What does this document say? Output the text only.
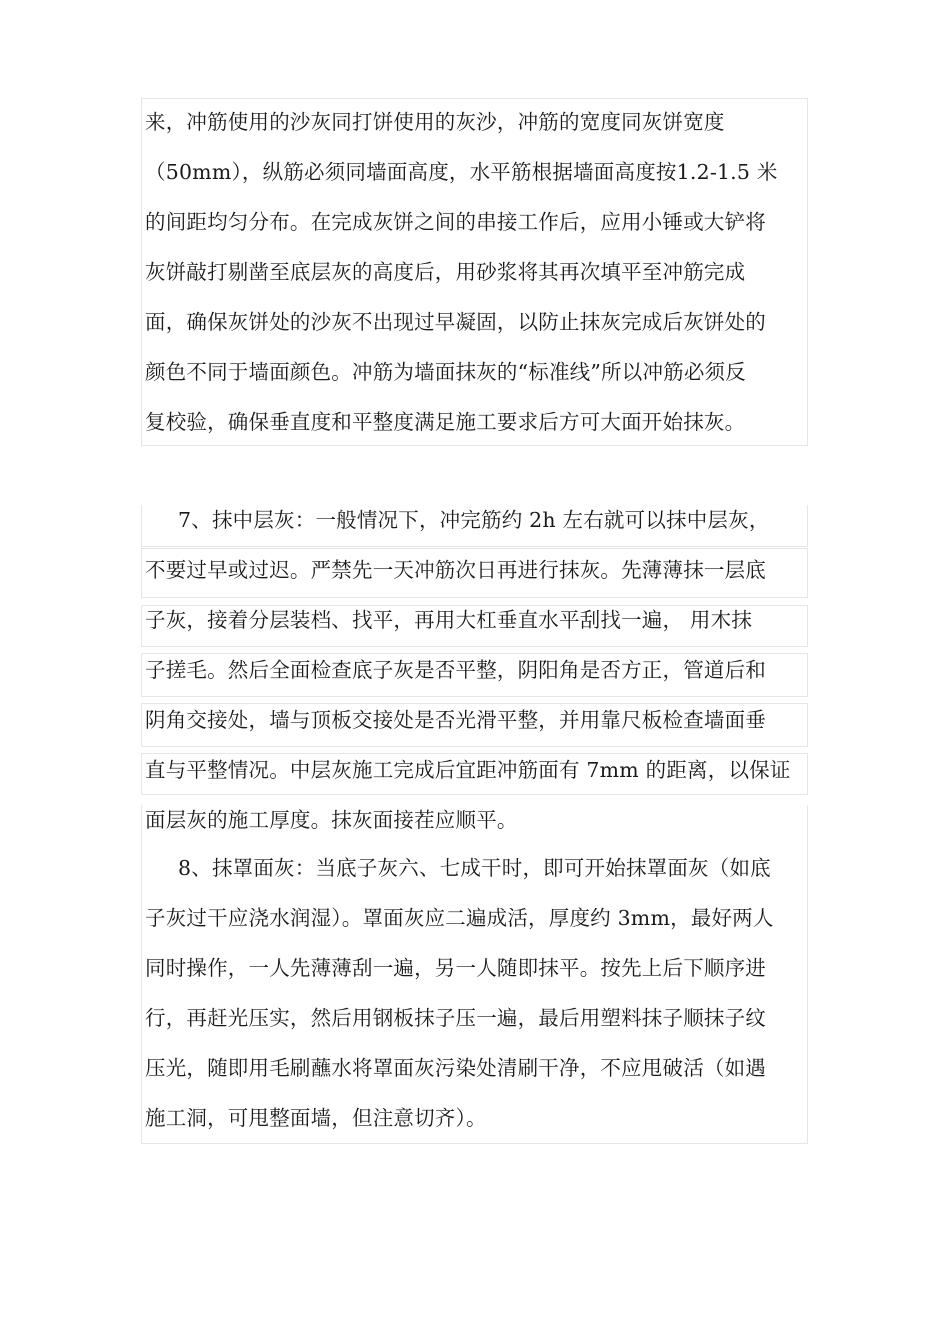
来，冲筋使用的沙灰同打饼使用的灰沙，冲筋的宽度同灰饼宽度
（50mm），纵筋必须同墙面高度，水平筋根据墙面高度按1.2-1.5 米
的间距均匀分布。在完成灰饼之间的串接工作后，应用小锤或大铲将
灰饼敲打剔凿至底层灰的高度后，用砂浆将其再次填平至冲筋完成
面，确保灰饼处的沙灰不出现过早凝固，以防止抹灰完成后灰饼处的
颜色不同于墙面颜色。冲筋为墙面抹灰的“标准线”所以冲筋必须反
复校验，确保垂直度和平整度满足施工要求后方可大面开始抹灰。
7、抹中层灰：一般情况下，冲完筋约 2h 左右就可以抹中层灰，
不要过早或过迟。严禁先一天冲筋次日再进行抹灰。先薄薄抹一层底
子灰，接着分层装档、找平，再用大杠垂直水平刮找一遍， 用木抹
子搓毛。然后全面检查底子灰是否平整，阴阳角是否方正，管道后和
阴角交接处，墙与顶板交接处是否光滑平整，并用靠尺板检查墙面垂
直与平整情况。中层灰施工完成后宜距冲筋面有 7mm 的距离，以保证
面层灰的施工厚度。抹灰面接茬应顺平。
8、抹罩面灰：当底子灰六、七成干时，即可开始抹罩面灰（如底
子灰过干应浇水润湿）。罩面灰应二遍成活，厚度约 3mm，最好两人
同时操作，一人先薄薄刮一遍，另一人随即抹平。按先上后下顺序进
行，再赶光压实，然后用钢板抹子压一遍，最后用塑料抹子顺抹子纹
压光，随即用毛刷蘸水将罩面灰污染处清刷干净，不应甩破活（如遇
施工洞，可甩整面墙，但注意切齐）。
